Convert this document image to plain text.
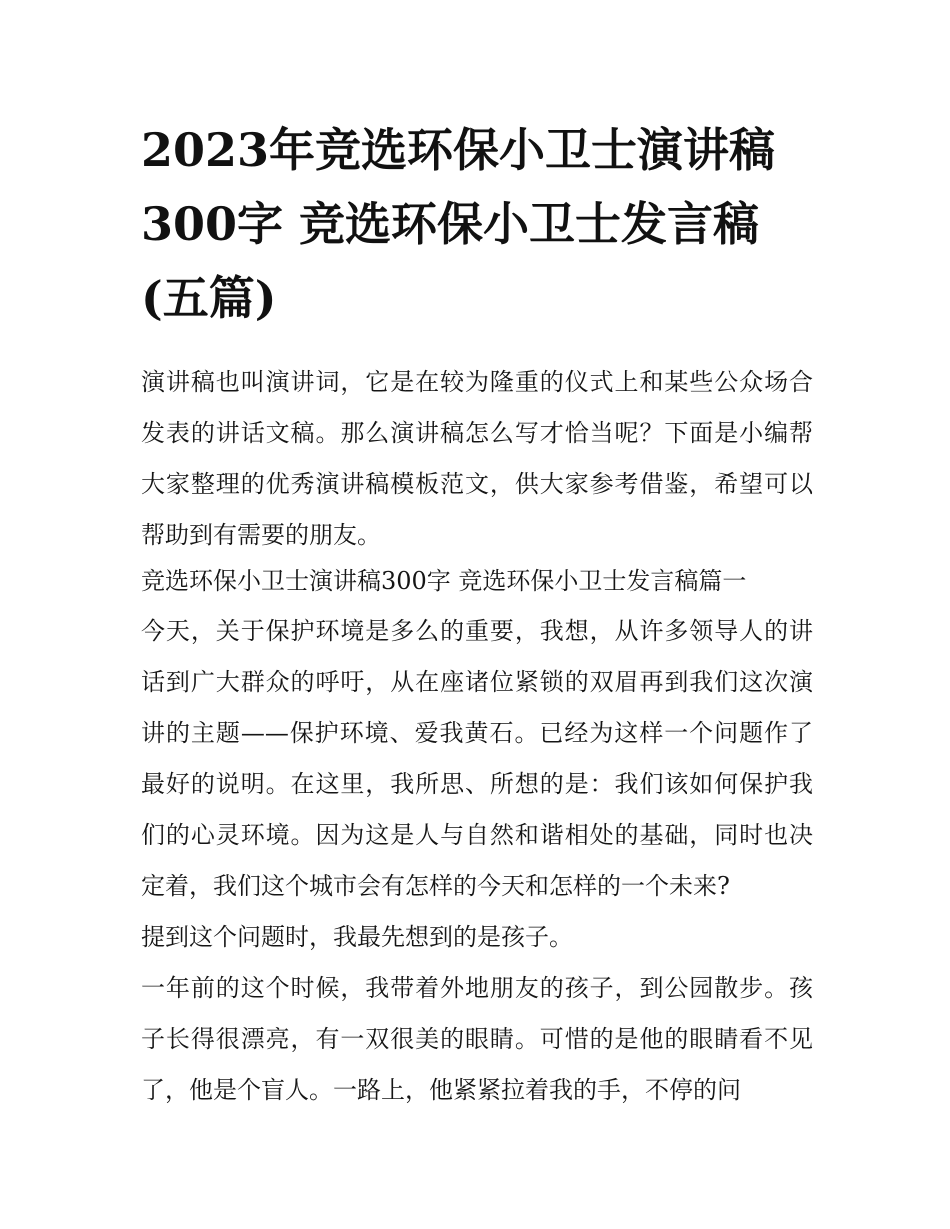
2023年竞选环保小卫士演讲稿
300字 竞选环保小卫士发言稿
(五篇)
演讲稿也叫演讲词，它是在较为隆重的仪式上和某些公众场合
发表的讲话文稿。那么演讲稿怎么写才恰当呢？下面是小编帮
大家整理的优秀演讲稿模板范文，供大家参考借鉴，希望可以
帮助到有需要的朋友。
竞选环保小卫士演讲稿300字 竞选环保小卫士发言稿篇一
今天，关于保护环境是多么的重要，我想，从许多领导人的讲
话到广大群众的呼吁，从在座诸位紧锁的双眉再到我们这次演
讲的主题——保护环境、爱我黄石。已经为这样一个问题作了
最好的说明。在这里，我所思、所想的是：我们该如何保护我
们的心灵环境。因为这是人与自然和谐相处的基础，同时也决
定着，我们这个城市会有怎样的今天和怎样的一个未来?
提到这个问题时，我最先想到的是孩子。
一年前的这个时候，我带着外地朋友的孩子，到公园散步。孩
子长得很漂亮，有一双很美的眼睛。可惜的是他的眼睛看不见
了，他是个盲人。一路上，他紧紧拉着我的手，不停的问
